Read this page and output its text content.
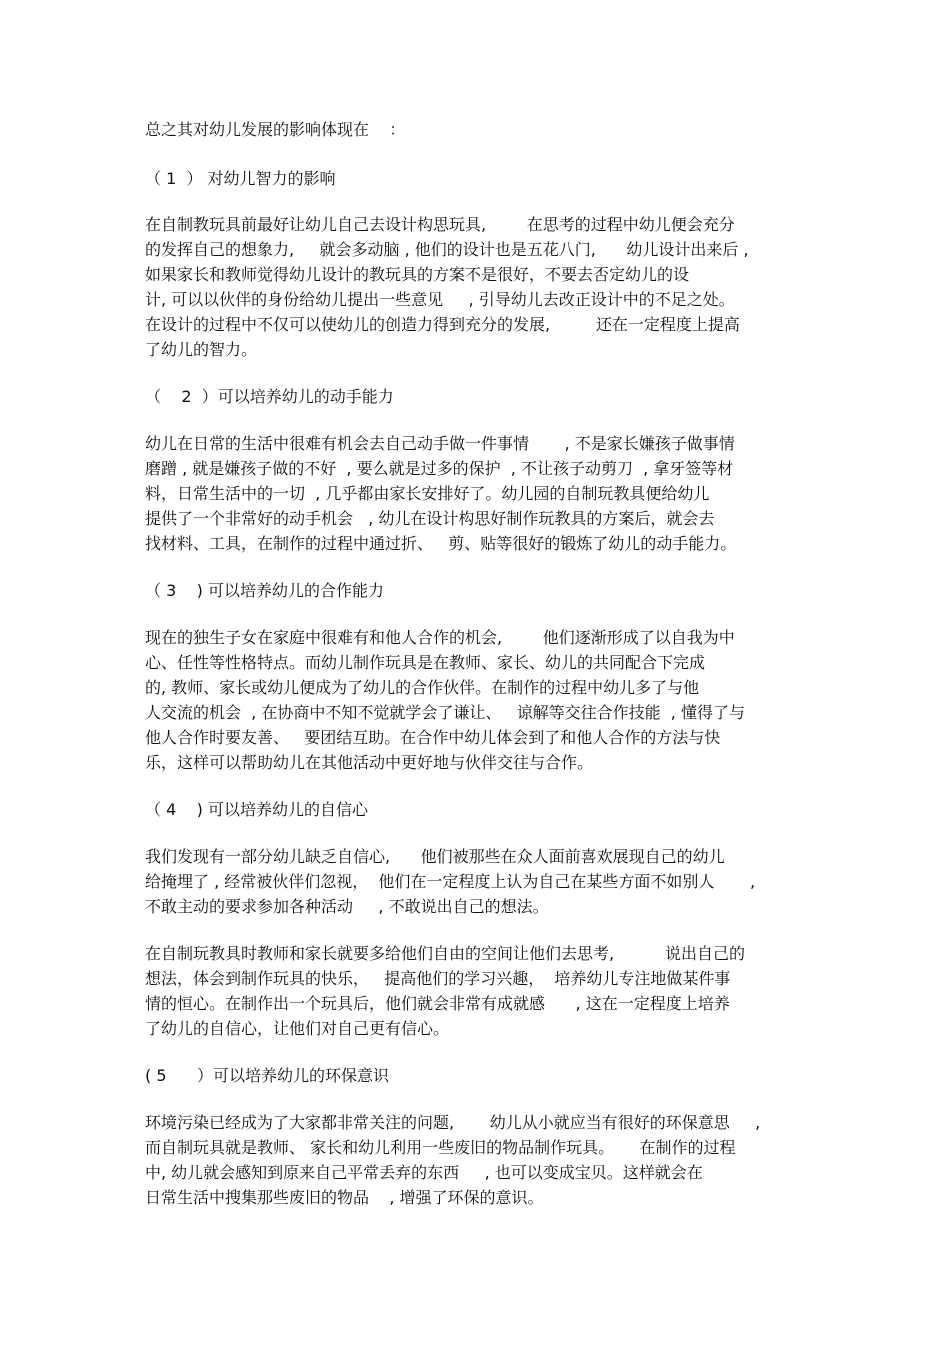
总之其对幼儿发展的影响体现在    ：
（ 1  ） 对幼儿智力的影响
在自制教玩具前最好让幼儿自己去设计构思玩具,        在思考的过程中幼儿便会充分
的发挥自己的想象力,     就会多动脑 , 他们的设计也是五花八门,      幼儿设计出来后 ,
如果家长和教师觉得幼儿设计的教玩具的方案不是很好，不要去否定幼儿的设
计, 可以以伙伴的身份给幼儿提出一些意见     , 引导幼儿去改正设计中的不足之处。
在设计的过程中不仅可以使幼儿的创造力得到充分的发展,         还在一定程度上提高
了幼儿的智力。
（    2  ）可以培养幼儿的动手能力
幼儿在日常的生活中很难有机会去自己动手做一件事情       , 不是家长嫌孩子做事情
磨蹭 , 就是嫌孩子做的不好  , 要么就是过多的保护  , 不让孩子动剪刀  , 拿牙签等材
料，日常生活中的一切  , 几乎都由家长安排好了。幼儿园的自制玩教具便给幼儿
提供了一个非常好的动手机会   , 幼儿在设计构思好制作玩教具的方案后，就会去
找材料、工具，在制作的过程中通过折、   剪、贴等很好的锻炼了幼儿的动手能力。
（ 3    ) 可以培养幼儿的合作能力
现在的独生子女在家庭中很难有和他人合作的机会,        他们逐渐形成了以自我为中
心、任性等性格特点。而幼儿制作玩具是在教师、家长、幼儿的共同配合下完成
的, 教师、家长或幼儿便成为了幼儿的合作伙伴。在制作的过程中幼儿多了与他
人交流的机会  , 在协商中不知不觉就学会了谦让、   谅解等交往合作技能  , 懂得了与
他人合作时要友善、   要团结互助。在合作中幼儿体会到了和他人合作的方法与快
乐，这样可以帮助幼儿在其他活动中更好地与伙伴交往与合作。
（ 4    ) 可以培养幼儿的自信心
我们发现有一部分幼儿缺乏自信心,      他们被那些在众人面前喜欢展现自己的幼儿
给掩埋了 , 经常被伙伴们忽视，  他们在一定程度上认为自己在某些方面不如别人       ,
不敢主动的要求参加各种活动     , 不敢说出自己的想法。
在自制玩教具时教师和家长就要多给他们自由的空间让他们去思考,          说出自己的
想法，体会到制作玩具的快乐，   提高他们的学习兴趣，  培养幼儿专注地做某件事
情的恒心。在制作出一个玩具后，他们就会非常有成就感      , 这在一定程度上培养
了幼儿的自信心，让他们对自己更有信心。
( 5      ）可以培养幼儿的环保意识
环境污染已经成为了大家都非常关注的问题,       幼儿从小就应当有很好的环保意思     ,
而自制玩具就是教师、 家长和幼儿利用一些废旧的物品制作玩具。     在制作的过程
中, 幼儿就会感知到原来自己平常丢弃的东西     , 也可以变成宝贝。这样就会在
日常生活中搜集那些废旧的物品    , 增强了环保的意识。
